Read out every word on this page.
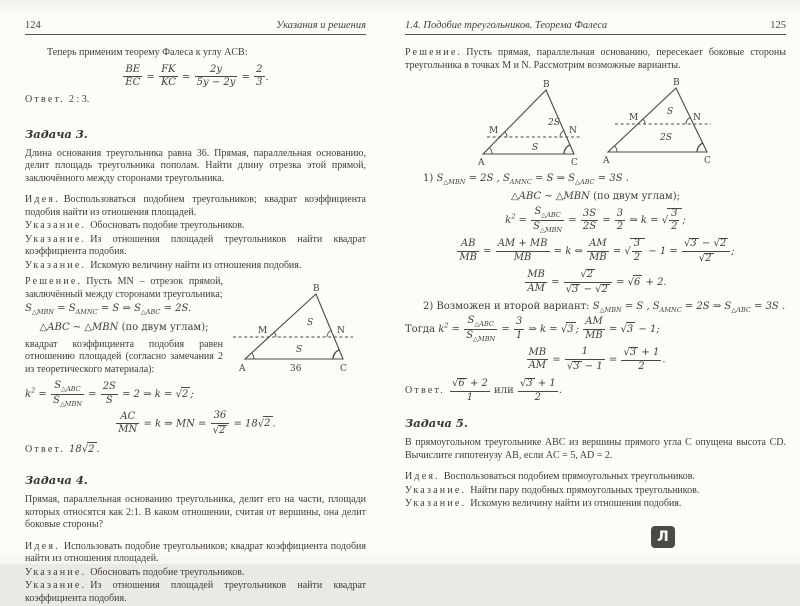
124	Указания и решения

Теперь применим теорему Фалеса к углу ACB:

$\frac{BE}{EC} = \frac{FK}{KC} = \frac{2y}{5y - 2y} = \frac{2}{3}$ .

Ответ. 2 : 3.

Задача 3.

Длина основания треугольника равна 36. Прямая, параллельная основанию, делит площадь треугольника пополам. Найти длину отрезка этой прямой, заключённого между сторонами треугольника.

Идея. Воспользоваться подобием треугольников; квадрат коэффициента подобия найти из отношения площадей.

Указание. Обосновать подобие треугольников.

Указание. Из отношения площадей треугольников найти квадрат коэффициента подобия.

Указание. Искомую величину найти из отношения подобия.

Решение. Пусть MN – отрезок прямой, заключённый между сторонами треугольника;

$S_{\triangle MBN} = S_{AMNC} = S$ ⇒ $S_{\triangle ABC} = 2S$.
△ABC ∼ △MBN (по двум углам);

квадрат коэффициента подобия равен отношению площадей (согласно замечания 2 из теоретического материала):

$k^2$ =
$S_{\triangle ABC}$
$S_{\triangle MBN}$
= $\frac{2S}{S} = 2$ ⇒ k = √2 ;
B
A	C
M	N
S
S
36
$\frac{AC}{MN} = k$ ⇒ MN = $\frac{36}{√2} = 18√2$ .

Ответ. 18√2 .

Задача 4.

Прямая, параллельная основанию треугольника, делит его на части, площади которых относятся как 2:1. В каком отношении, считая от вершины, она делит боковые стороны?

Идея. Использовать подобие треугольников; квадрат коэффициента подобия найти из отношения площадей.

Указание. Обосновать подобие треугольников.

Указание. Из отношения площадей треугольников найти квадрат коэффициента подобия.

1.4. Подобие треугольников. Теорема Фалеса	125

Решение. Пусть прямая, параллельная основанию, пересекает боковые стороны треугольника в точках M и N. Рассмотрим возможные варианты.

B
A	C
M	N
2S
S
B
A	C
M	N
S
2S
1) $S_{\triangle MBN} = 2S$ , $S_{AMNC} = S$ ⇒ $S_{\triangle ABC} = 3S$ .
△ABC ∼ △MBN (по двум углам);
$k^2$ =
$S_{\triangle ABC}$
$S_{\triangle MBN}$
= $\frac{3S}{2S} = \frac{3}{2}$ ⇒ k = √ $\frac{3}{2}$ ;
$\frac{AB}{MB} = \frac{AM + MB}{MB} = k$ ⇔ $\frac{AM}{MB}$ = √ $\frac{3}{2} - 1 = \frac{√3 - √2}{√2}$ ;
$\frac{MB}{AM} = \frac{√2}{√3 - √2} = √6 + 2$.
2) Возможен и второй вариант: $S_{\triangle MBN} = S$ , $S_{AMNC} = 2S$ ⇒ $S_{\triangle ABC} = 3S$ .
Тогда $k^2$ =
$S_{\triangle ABC}$
$S_{\triangle MBN}$
= $\frac{3}{1}$ ⇒ k = √3 ; $\frac{AM}{MB} = √3 - 1$;
$\frac{MB}{AM} = \frac{1}{√3 - 1} = \frac{√3 + 1}{2}$ .

Ответ. $\frac{√6 + 2}{1}$ или $\frac{√3 + 1}{2}$ .

Задача 5.

В прямоугольном треугольнике ABC из вершины прямого угла C опущена высота CD. Вычислите гипотенузу AB, если AC = 5, AD = 2.

Идея. Воспользоваться подобием прямоугольных треугольников.

Указание. Найти пару подобных прямоугольных треугольников.

Указание. Искомую величину найти из отношения подобия.

Л
